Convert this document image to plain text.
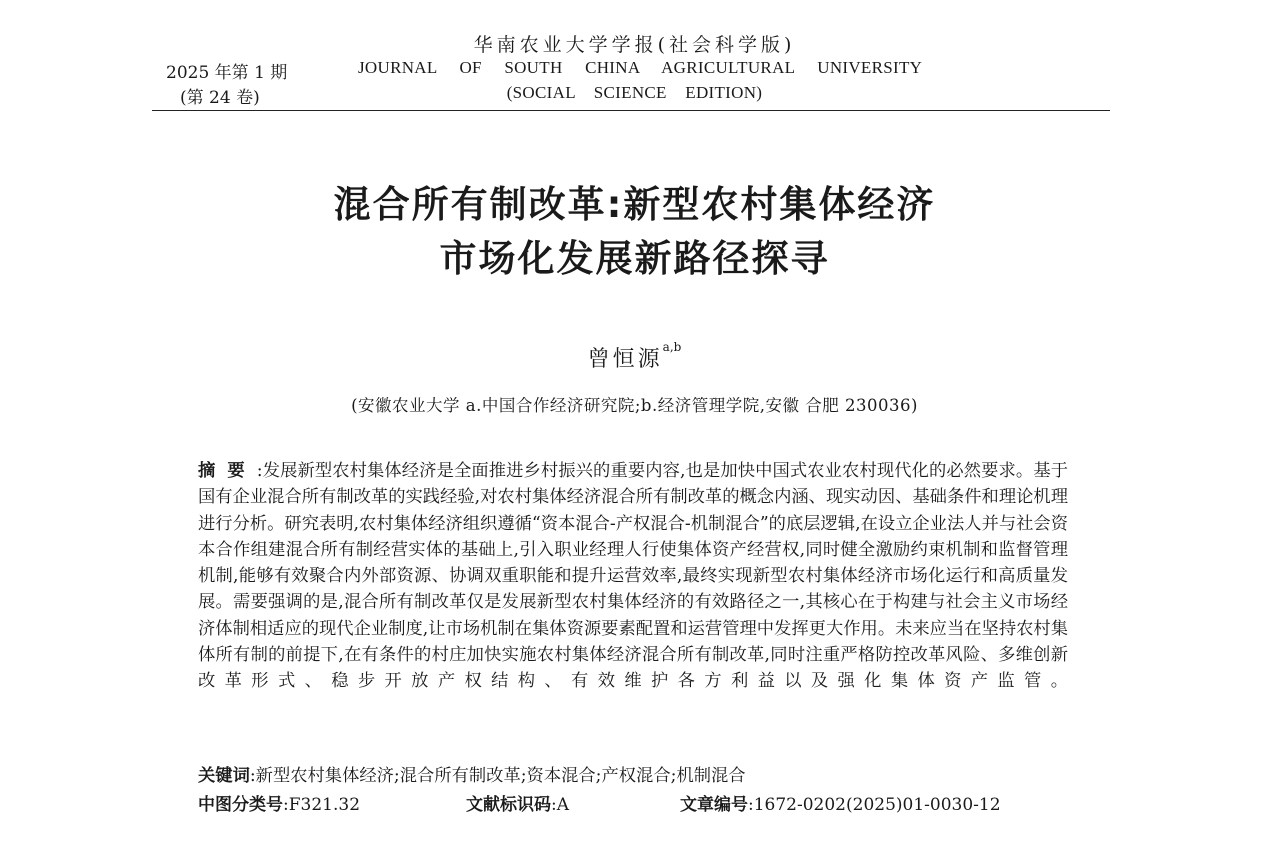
华南农业大学学报(社会科学版)
2025 年第 1 期
(第 24 卷)
JOURNAL OF SOUTH CHINA AGRICULTURAL UNIVERSITY
(SOCIAL SCIENCE EDITION)
混合所有制改革:新型农村集体经济
市场化发展新路径探寻
曾恒源$^{a,b}$
(安徽农业大学 a.中国合作经济研究院;b.经济管理学院,安徽 合肥 230036)
摘要:发展新型农村集体经济是全面推进乡村振兴的重要内容,也是加快中国式农业农村现代化的必然要求。基于国有企业混合所有制改革的实践经验,对农村集体经济混合所有制改革的概念内涵、现实动因、基础条件和理论机理进行分析。研究表明,农村集体经济组织遵循“资本混合-产权混合-机制混合”的底层逻辑,在设立企业法人并与社会资本合作组建混合所有制经营实体的基础上,引入职业经理人行使集体资产经营权,同时健全激励约束机制和监督管理机制,能够有效聚合内外部资源、协调双重职能和提升运营效率,最终实现新型农村集体经济市场化运行和高质量发展。需要强调的是,混合所有制改革仅是发展新型农村集体经济的有效路径之一,其核心在于构建与社会主义市场经济体制相适应的现代企业制度,让市场机制在集体资源要素配置和运营管理中发挥更大作用。未来应当在坚持农村集体所有制的前提下,在有条件的村庄加快实施农村集体经济混合所有制改革,同时注重严格防控改革风险、多维创新改革形式、稳步开放产权结构、有效维护各方利益以及强化集体资产监管。
关键词:新型农村集体经济;混合所有制改革;资本混合;产权混合;机制混合
中图分类号:F321.32	文献标识码:A	文章编号:1672-0202(2025)01-0030-12
